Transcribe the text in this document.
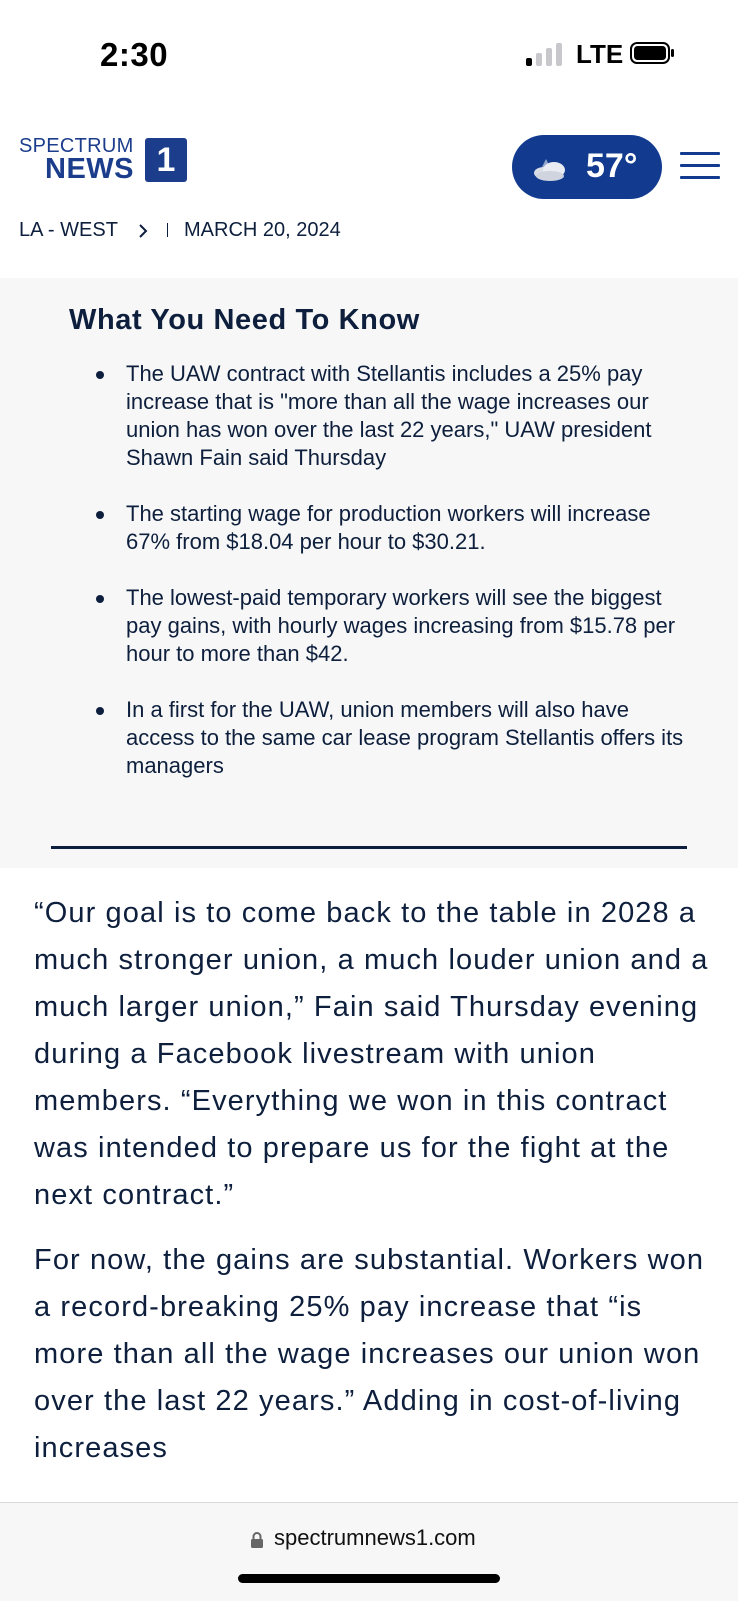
2:30	LTE
SPECTRUM
NEWS 1	57°
LA - WEST	MARCH 20, 2024
What You Need To Know
The UAW contract with Stellantis includes a 25% pay increase that is "more than all the wage increases our union has won over the last 22 years," UAW president Shawn Fain said Thursday
The starting wage for production workers will increase 67% from $18.04 per hour to $30.21.
The lowest-paid temporary workers will see the biggest pay gains, with hourly wages increasing from $15.78 per hour to more than $42.
In a first for the UAW, union members will also have access to the same car lease program Stellantis offers its managers

“Our goal is to come back to the table in 2028 a much stronger union, a much louder union and a much larger union,” Fain said Thursday evening during a Facebook livestream with union members. “Everything we won in this contract was intended to prepare us for the fight at the next contract.”

For now, the gains are substantial. Workers won a record-breaking 25% pay increase that “is more than all the wage increases our union won over the last 22 years.” Adding in cost-of-living increases

spectrumnews1.com
